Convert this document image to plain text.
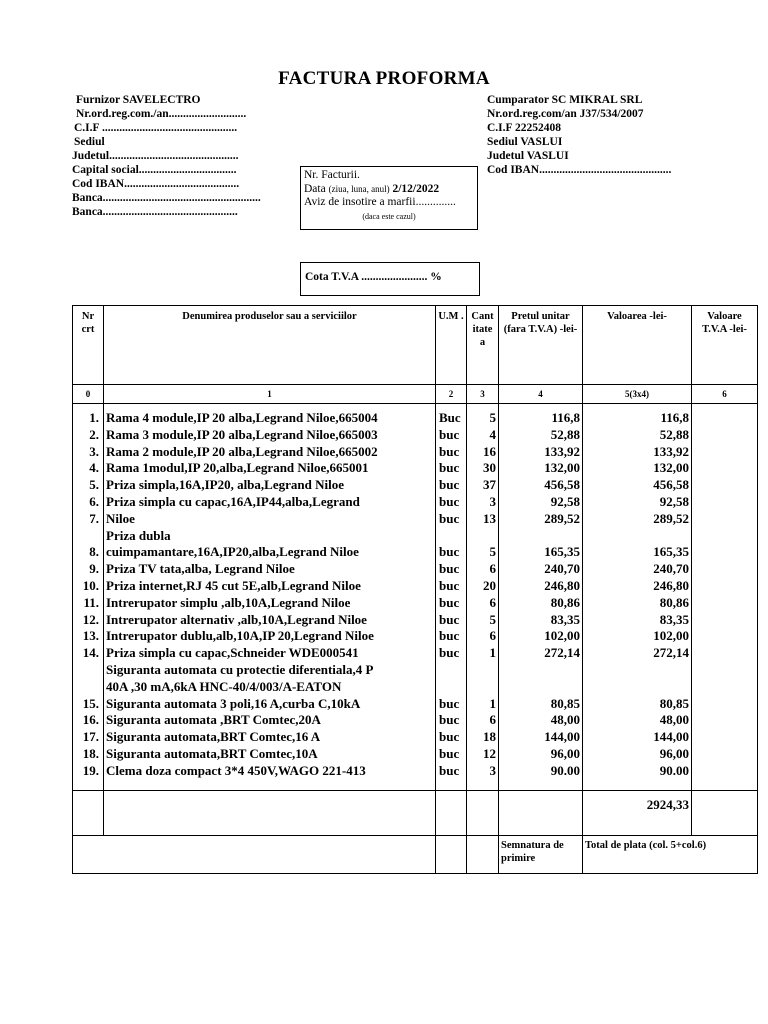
FACTURA PROFORMA
Furnizor SAVELECTRO
Nr.ord.reg.com./an...........................
C.I.F ...............................................
Sediul
Judetul.............................................
Capital social..................................
Cod IBAN........................................
Banca.......................................................
Banca...............................................
Cumparator SC MIKRAL SRL
Nr.ord.reg.com/an J37/534/2007
C.I.F 22252408
Sediul VASLUI
Judetul VASLUI
Cod IBAN..............................................
Nr. Facturii.
Data (ziua, luna, anul) 2/12/2022
Aviz de insotire a marfii..............
(daca este cazul)
Cota T.V.A ....................... %
Nr crt	Denumirea produselor sau a serviciilor	U.M .	Cant itate a	Pretul unitar (fara T.V.A) -lei-	Valoarea -lei-	Valoare T.V.A -lei-
0	1	2	3	4	5(3x4)	6

1.	Rama 4 module,IP 20 alba,Legrand Niloe,665004	Buc	5	116,8	116,8	
2.	Rama 3 module,IP 20 alba,Legrand Niloe,665003	buc	4	52,88	52,88	
3.	Rama 2 module,IP 20 alba,Legrand Niloe,665002	buc	16	133,92	133,92	
4.	Rama 1modul,IP 20,alba,Legrand Niloe,665001	buc	30	132,00	132,00	
5.	Priza simpla,16A,IP20, alba,Legrand Niloe	buc	37	456,58	456,58	
6.	Priza simpla cu capac,16A,IP44,alba,Legrand	buc	3	92,58	92,58	
7.	Niloe	buc	13	289,52	289,52	
	Priza dubla					
8.	cuimpamantare,16A,IP20,alba,Legrand Niloe	buc	5	165,35	165,35	
9.	Priza TV tata,alba, Legrand Niloe	buc	6	240,70	240,70	
10.	Priza internet,RJ 45 cut 5E,alb,Legrand Niloe	buc	20	246,80	246,80	
11.	Intrerupator simplu ,alb,10A,Legrand Niloe	buc	6	80,86	80,86	
12.	Intrerupator alternativ ,alb,10A,Legrand Niloe	buc	5	83,35	83,35	
13.	Intrerupator dublu,alb,10A,IP 20,Legrand Niloe	buc	6	102,00	102,00	
14.	Priza simpla cu capac,Schneider WDE000541	buc	1	272,14	272,14	
	Siguranta automata cu protectie diferentiala,4 P					
	40A ,30 mA,6kA HNC-40/4/003/A-EATON					
15.	Siguranta automata 3 poli,16 A,curba C,10kA	buc	1	80,85	80,85	
16.	Siguranta automata ,BRT Comtec,20A	buc	6	48,00	48,00	
17.	Siguranta automata,BRT Comtec,16 A	buc	18	144,00	144,00	
18.	Siguranta automata,BRT Comtec,10A	buc	12	96,00	96,00	
19.	Clema doza compact 3*4 450V,WAGO 221-413	buc	3	90.00	90.00	

					2924,33	
				Semnatura de primire	Total de plata (col. 5+col.6)	
